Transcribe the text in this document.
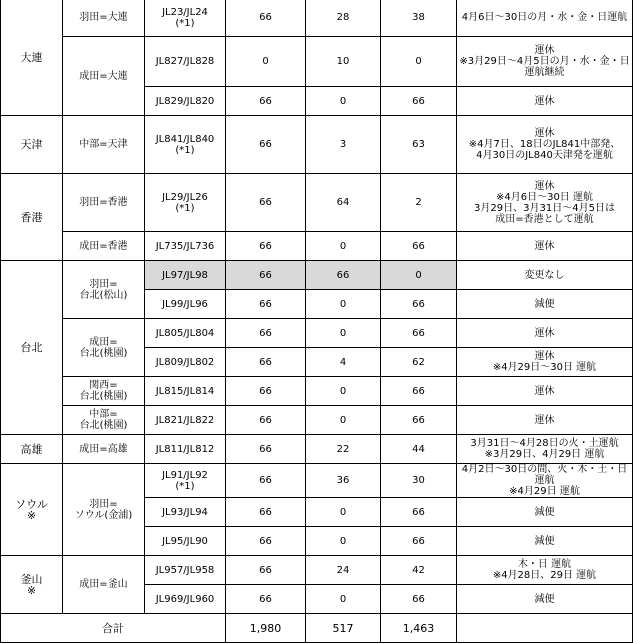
大連	羽田=大連	JL23/JL24
(*1)	66	28	38	4月6日～30日の月・水・金・日運航

	成田=大連	JL827/JL828	0	10	0	運休
※3月29日～4月5日の月・水・金・日
運航継続

		JL829/JL820	66	0	66	運休

天津	中部=天津	JL841/JL840
(*1)	66	3	63	運休
※4月7日、18日のJL841中部発、
4月30日のJL840天津発を運航

香港	羽田=香港	JL29/JL26
(*1)	66	64	2	運休
※4月6日～30日 運航
3月29日、3月31日～4月5日は
成田=香港として運航

	成田=香港	JL735/JL736	66	0	66	運休

台北	羽田=
台北(松山)	JL97/JL98	66	66	0	変更なし

		JL99/JL96	66	0	66	減便

	成田=
台北(桃園)	JL805/JL804	66	0	66	運休

		JL809/JL802	66	4	62	運休
※4月29日～30日 運航

	関西=
台北(桃園)	JL815/JL814	66	0	66	運休

	中部=
台北(桃園)	JL821/JL822	66	0	66	運休

高雄	成田=高雄	JL811/JL812	66	22	44	3月31日～4月28日の火・土運航
※3月29日、4月29日 運航

ソウル
※	羽田=
ソウル(金浦)	JL91/JL92
(*1)	66	36	30	4月2日～30日の間、火・木・土・日運航
※4月29日 運航

		JL93/JL94	66	0	66	減便

		JL95/JL90	66	0	66	減便

釜山
※	成田=釜山	JL957/JL958	66	24	42	木・日 運航
※4月28日、29日 運航

		JL969/JL960	66	0	66	減便

合計			1,980	517	1,463	
